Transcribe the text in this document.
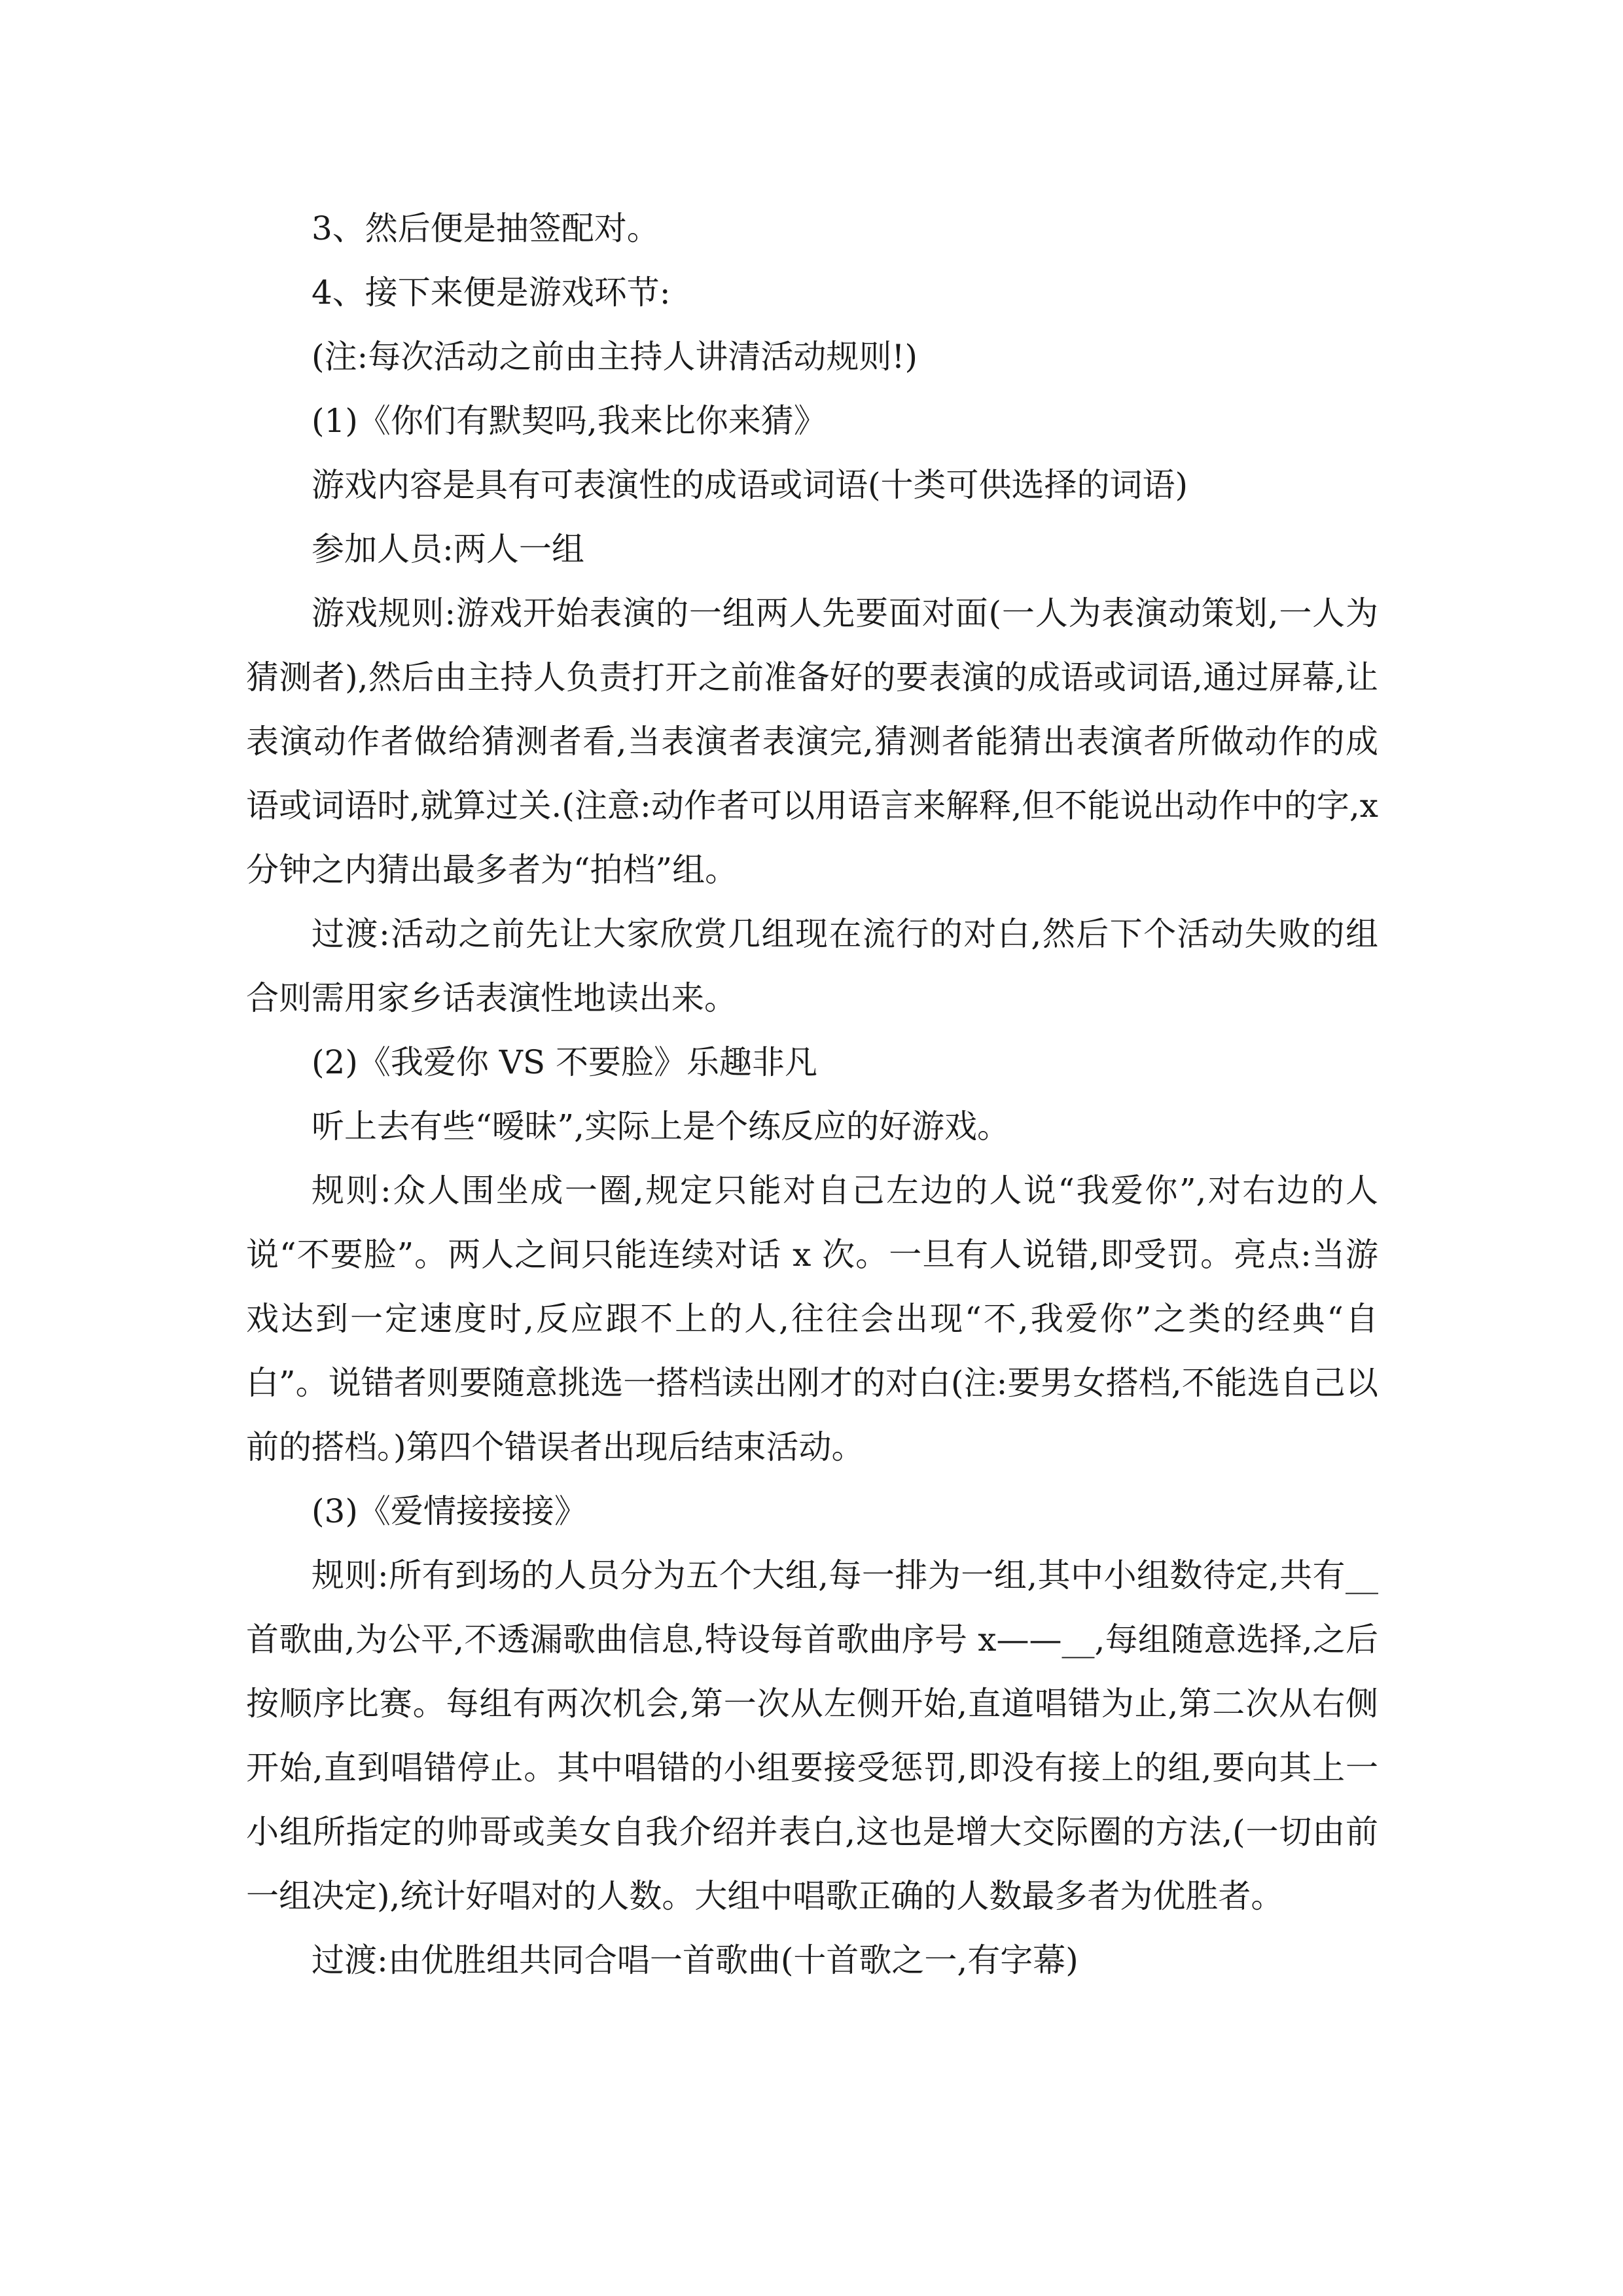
3、然后便是抽签配对。

4、接下来便是游戏环节:

(注:每次活动之前由主持人讲清活动规则!)

(1)《你们有默契吗,我来比你来猜》

游戏内容是具有可表演性的成语或词语(十类可供选择的词语)

参加人员:两人一组

游戏规则:游戏开始表演的一组两人先要面对面(一人为表演动策划,一人为猜测者),然后由主持人负责打开之前准备好的要表演的成语或词语,通过屏幕,让表演动作者做给猜测者看,当表演者表演完,猜测者能猜出表演者所做动作的成语或词语时,就算过关.(注意:动作者可以用语言来解释,但不能说出动作中的字,x 分钟之内猜出最多者为“拍档”组。

过渡:活动之前先让大家欣赏几组现在流行的对白,然后下个活动失败的组合则需用家乡话表演性地读出来。

(2)《我爱你 VS 不要脸》乐趣非凡

听上去有些“暧昧”,实际上是个练反应的好游戏。

规则:众人围坐成一圈,规定只能对自己左边的人说“我爱你”,对右边的人说“不要脸”。两人之间只能连续对话 x 次。一旦有人说错,即受罚。亮点:当游戏达到一定速度时,反应跟不上的人,往往会出现“不,我爱你”之类的经典“自白”。说错者则要随意挑选一搭档读出刚才的对白(注:要男女搭档,不能选自己以前的搭档。)第四个错误者出现后结束活动。

(3)《爱情接接接》

规则:所有到场的人员分为五个大组,每一排为一组,其中小组数待定,共有__首歌曲,为公平,不透漏歌曲信息,特设每首歌曲序号 x——__,每组随意选择,之后按顺序比赛。每组有两次机会,第一次从左侧开始,直道唱错为止,第二次从右侧开始,直到唱错停止。其中唱错的小组要接受惩罚,即没有接上的组,要向其上一小组所指定的帅哥或美女自我介绍并表白,这也是增大交际圈的方法,(一切由前一组决定),统计好唱对的人数。大组中唱歌正确的人数最多者为优胜者。

过渡:由优胜组共同合唱一首歌曲(十首歌之一,有字幕)
